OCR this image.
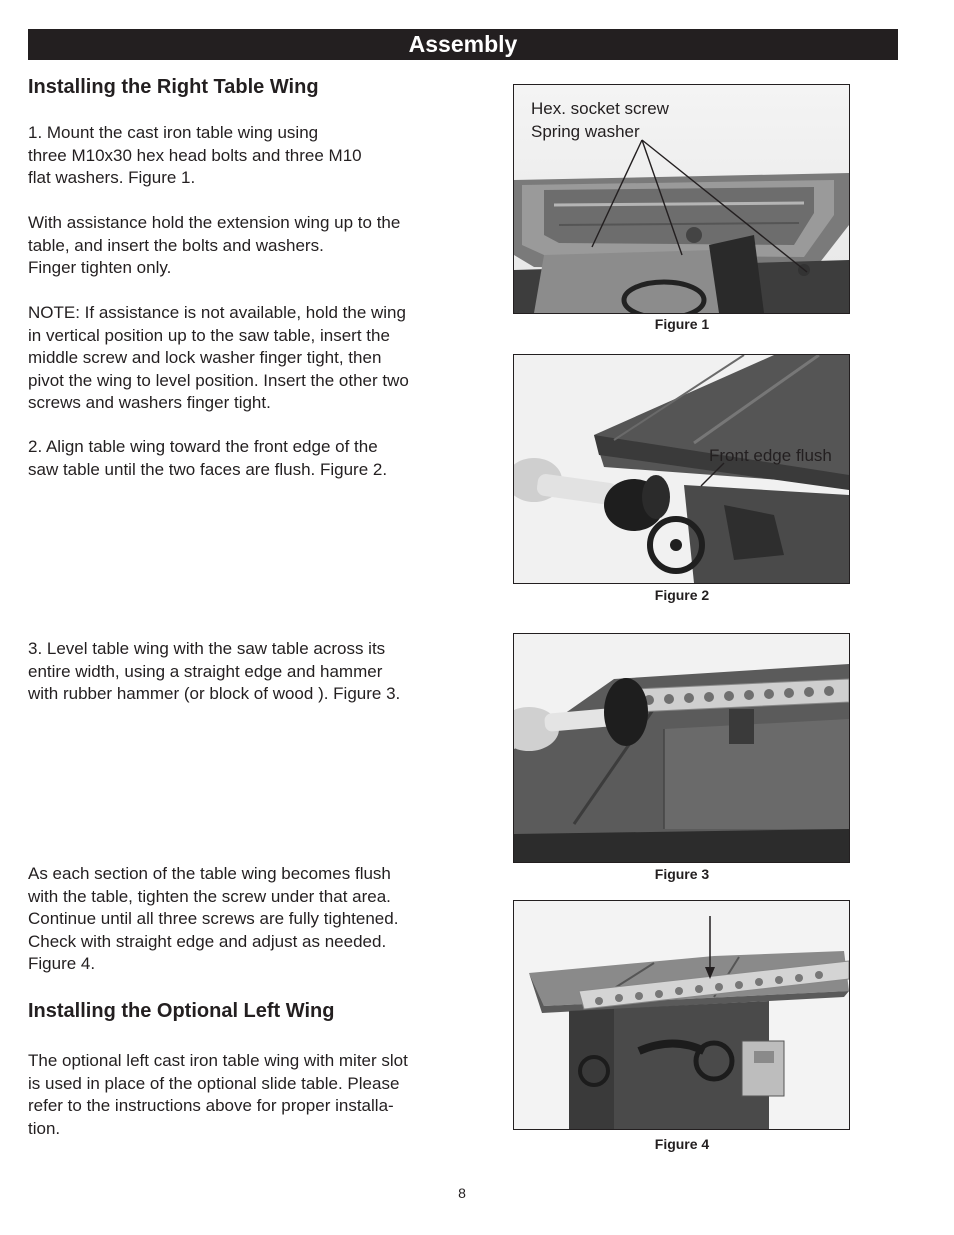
Assembly
Installing the Right Table Wing

1. Mount the cast iron table wing using

three M10x30 hex head bolts and three M10

flat washers. Figure 1.

With assistance hold the extension wing up to the

table, and insert the bolts and washers.

Finger tighten only.

NOTE: If assistance is not available, hold the wing

in vertical position up to the saw table, insert the

middle screw and lock washer finger tight, then

pivot the wing to level position. Insert the other two

screws and washers finger tight.

2. Align table wing toward the front edge of the

saw table until the two faces are flush. Figure 2.

3. Level table wing with the saw table across its

entire width, using a straight edge and hammer

with rubber hammer (or block of wood ). Figure 3.

As each section of the table wing becomes flush

with the table, tighten the screw under that area.

Continue until all three screws are fully tightened.

Check with straight edge and adjust as needed.

Figure 4.

Installing the Optional Left Wing

The optional left cast iron table wing with miter slot

is used in place of the optional slide table. Please

refer to the instructions above for proper installa-

tion.

Hex. socket screw
Spring washer
Figure 1
Front edge flush
Figure 2
Figure 3
Figure 4
8
